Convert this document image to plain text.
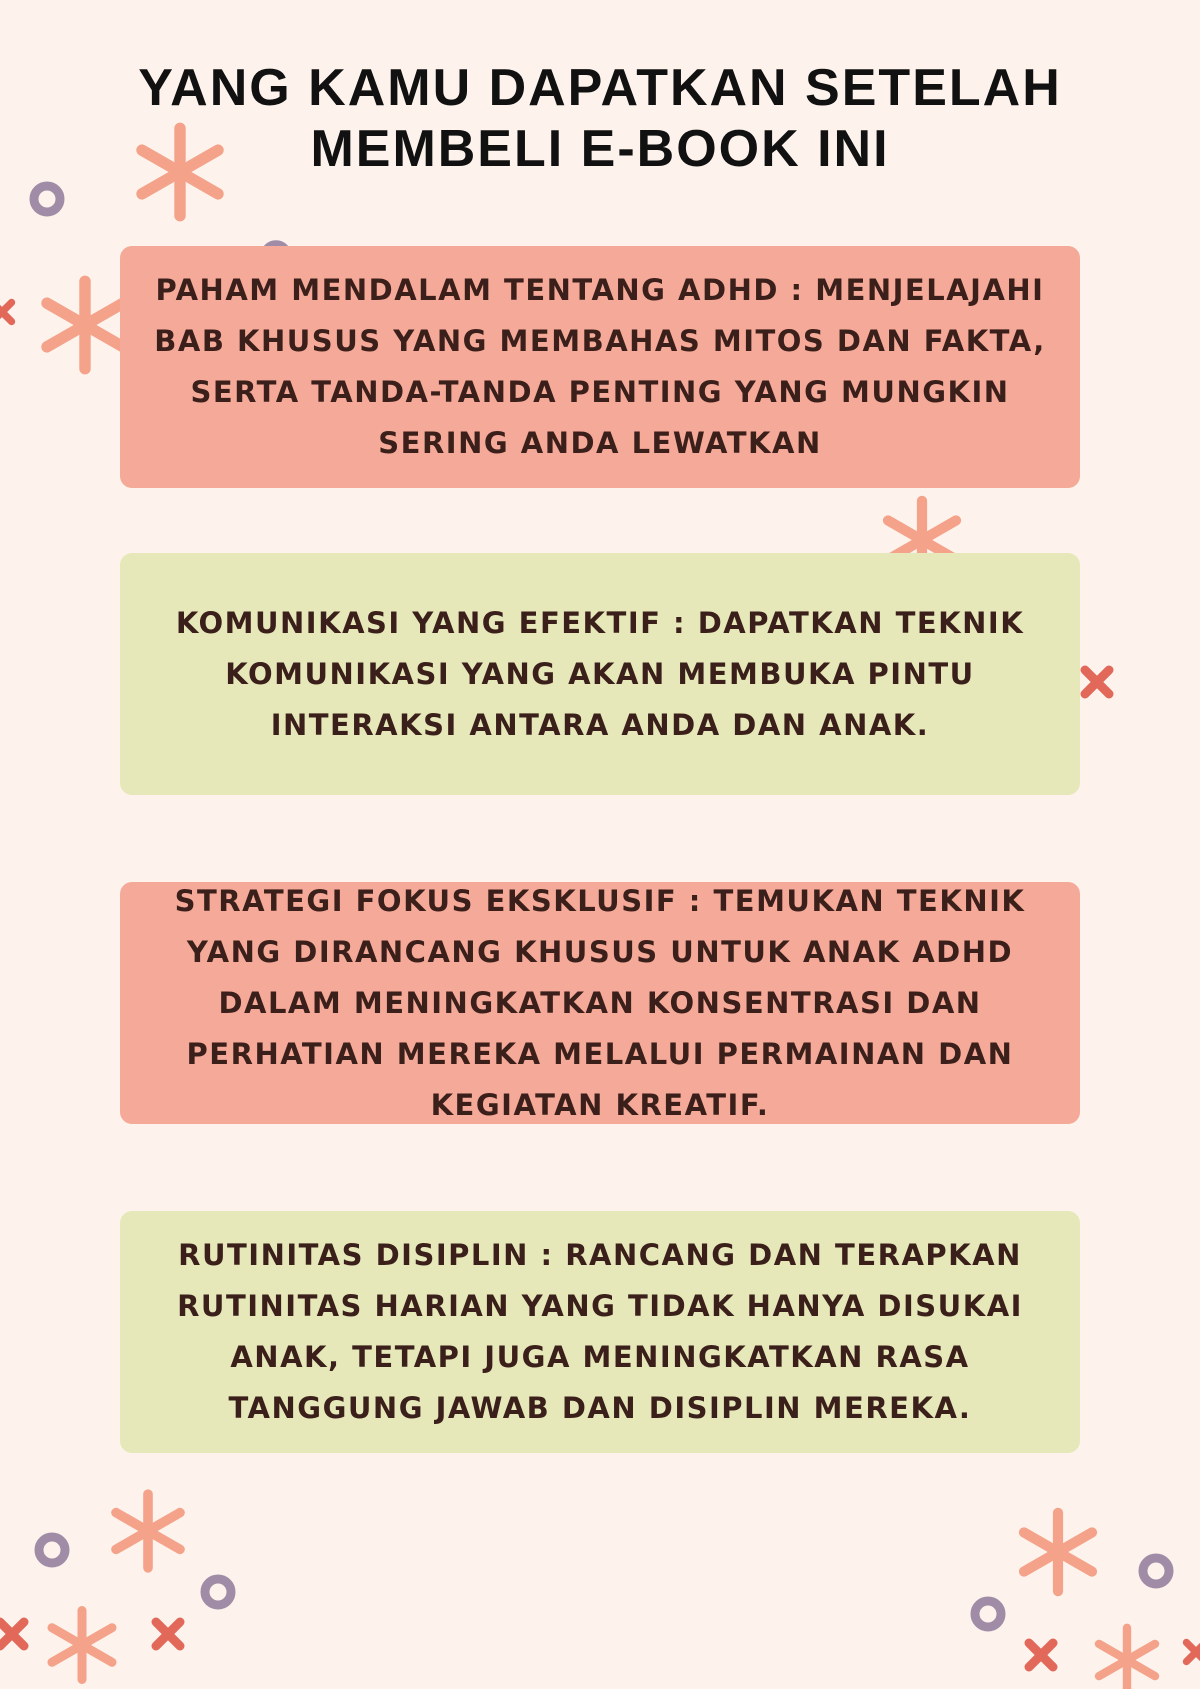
YANG KAMU DAPATKAN SETELAH
MEMBELI E-BOOK INI

PAHAM MENDALAM TENTANG ADHD : MENJELAJAHI BAB KHUSUS YANG MEMBAHAS MITOS DAN FAKTA, SERTA TANDA-TANDA PENTING YANG MUNGKIN SERING ANDA LEWATKAN

KOMUNIKASI YANG EFEKTIF : DAPATKAN TEKNIK KOMUNIKASI YANG AKAN MEMBUKA PINTU INTERAKSI ANTARA ANDA DAN ANAK.

STRATEGI FOKUS EKSKLUSIF : TEMUKAN TEKNIK YANG DIRANCANG KHUSUS UNTUK ANAK ADHD DALAM MENINGKATKAN KONSENTRASI DAN PERHATIAN MEREKA MELALUI PERMAINAN DAN KEGIATAN KREATIF.

RUTINITAS DISIPLIN : RANCANG DAN TERAPKAN RUTINITAS HARIAN YANG TIDAK HANYA DISUKAI ANAK, TETAPI JUGA MENINGKATKAN RASA TANGGUNG JAWAB DAN DISIPLIN MEREKA.
